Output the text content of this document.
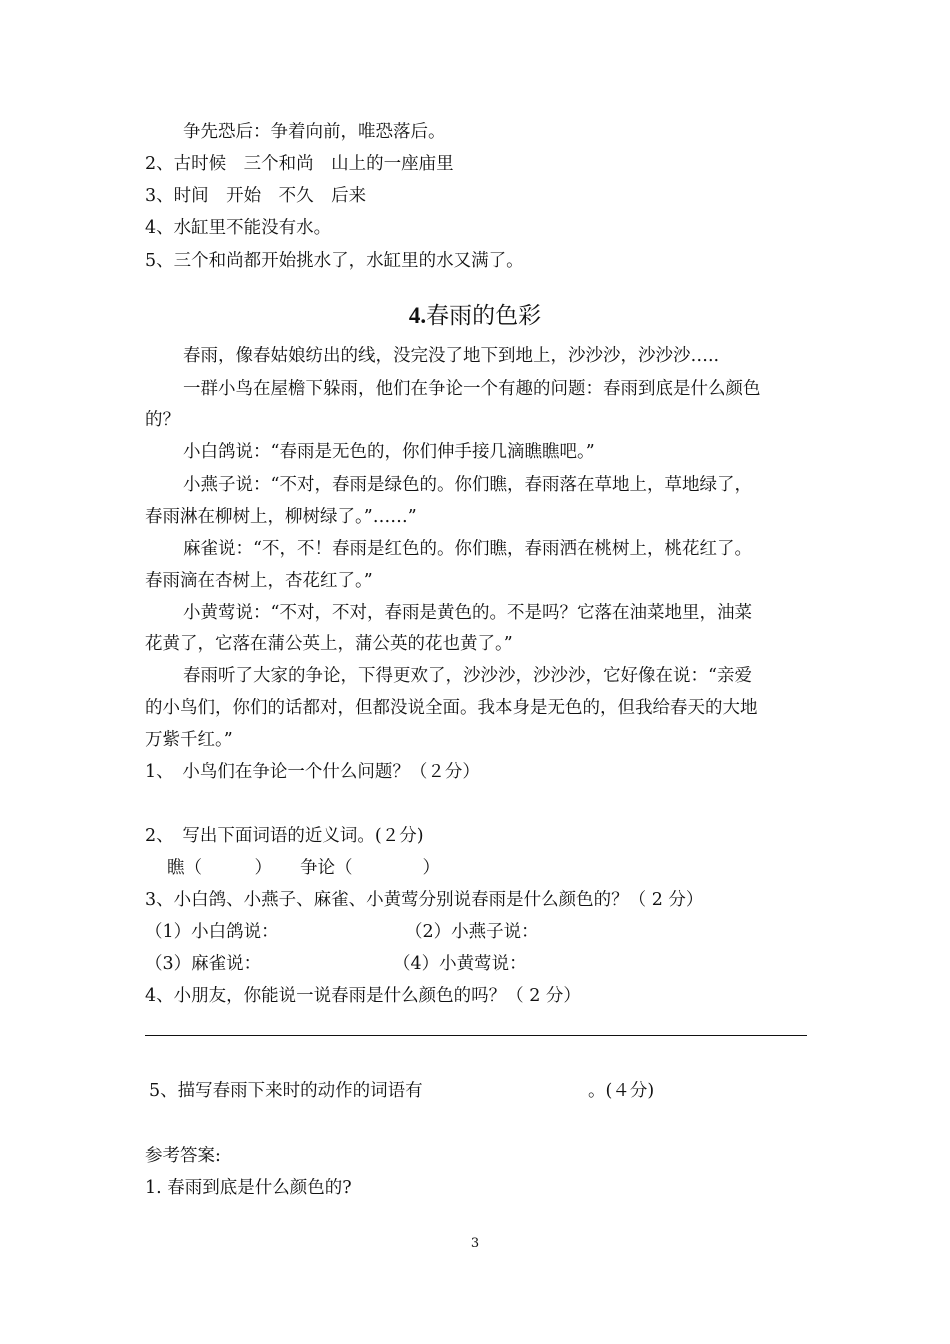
争先恐后：争着向前，唯恐落后。
2、古时候　三个和尚　山上的一座庙里
3、时间　开始　不久　后来
4、水缸里不能没有水。
5、三个和尚都开始挑水了，水缸里的水又满了。
4.春雨的色彩
春雨，像春姑娘纺出的线，没完没了地下到地上，沙沙沙，沙沙沙…..
一群小鸟在屋檐下躲雨，他们在争论一个有趣的问题：春雨到底是什么颜色
的？
小白鸽说：“春雨是无色的，你们伸手接几滴瞧瞧吧。”
小燕子说：“不对，春雨是绿色的。你们瞧，春雨落在草地上，草地绿了，
春雨淋在柳树上，柳树绿了。”……”
麻雀说：“不，不！春雨是红色的。你们瞧，春雨洒在桃树上，桃花红了。
春雨滴在杏树上，杏花红了。”
小黄莺说：“不对，不对，春雨是黄色的。不是吗？它落在油菜地里，油菜
花黄了，它落在蒲公英上，蒲公英的花也黄了。”
春雨听了大家的争论，下得更欢了，沙沙沙，沙沙沙，它好像在说：“亲爱
的小鸟们，你们的话都对，但都没说全面。我本身是无色的，但我给春天的大地
万紫千红。”
1、　小鸟们在争论一个什么问题？（２分）
2、　写出下面词语的近义词。(２分)
瞧（　　　） 争论（　　　　）
3、小白鸽、小燕子、麻雀、小黄莺分别说春雨是什么颜色的？（ 2 分）
（1）小白鸽说：	（2）小燕子说：
（3）麻雀说：	（4）小黄莺说：
4、小朋友，你能说一说春雨是什么颜色的吗？（ 2 分）
5、描写春雨下来时的动作的词语有	。(４分)
参考答案:
1. 春雨到底是什么颜色的?
3
